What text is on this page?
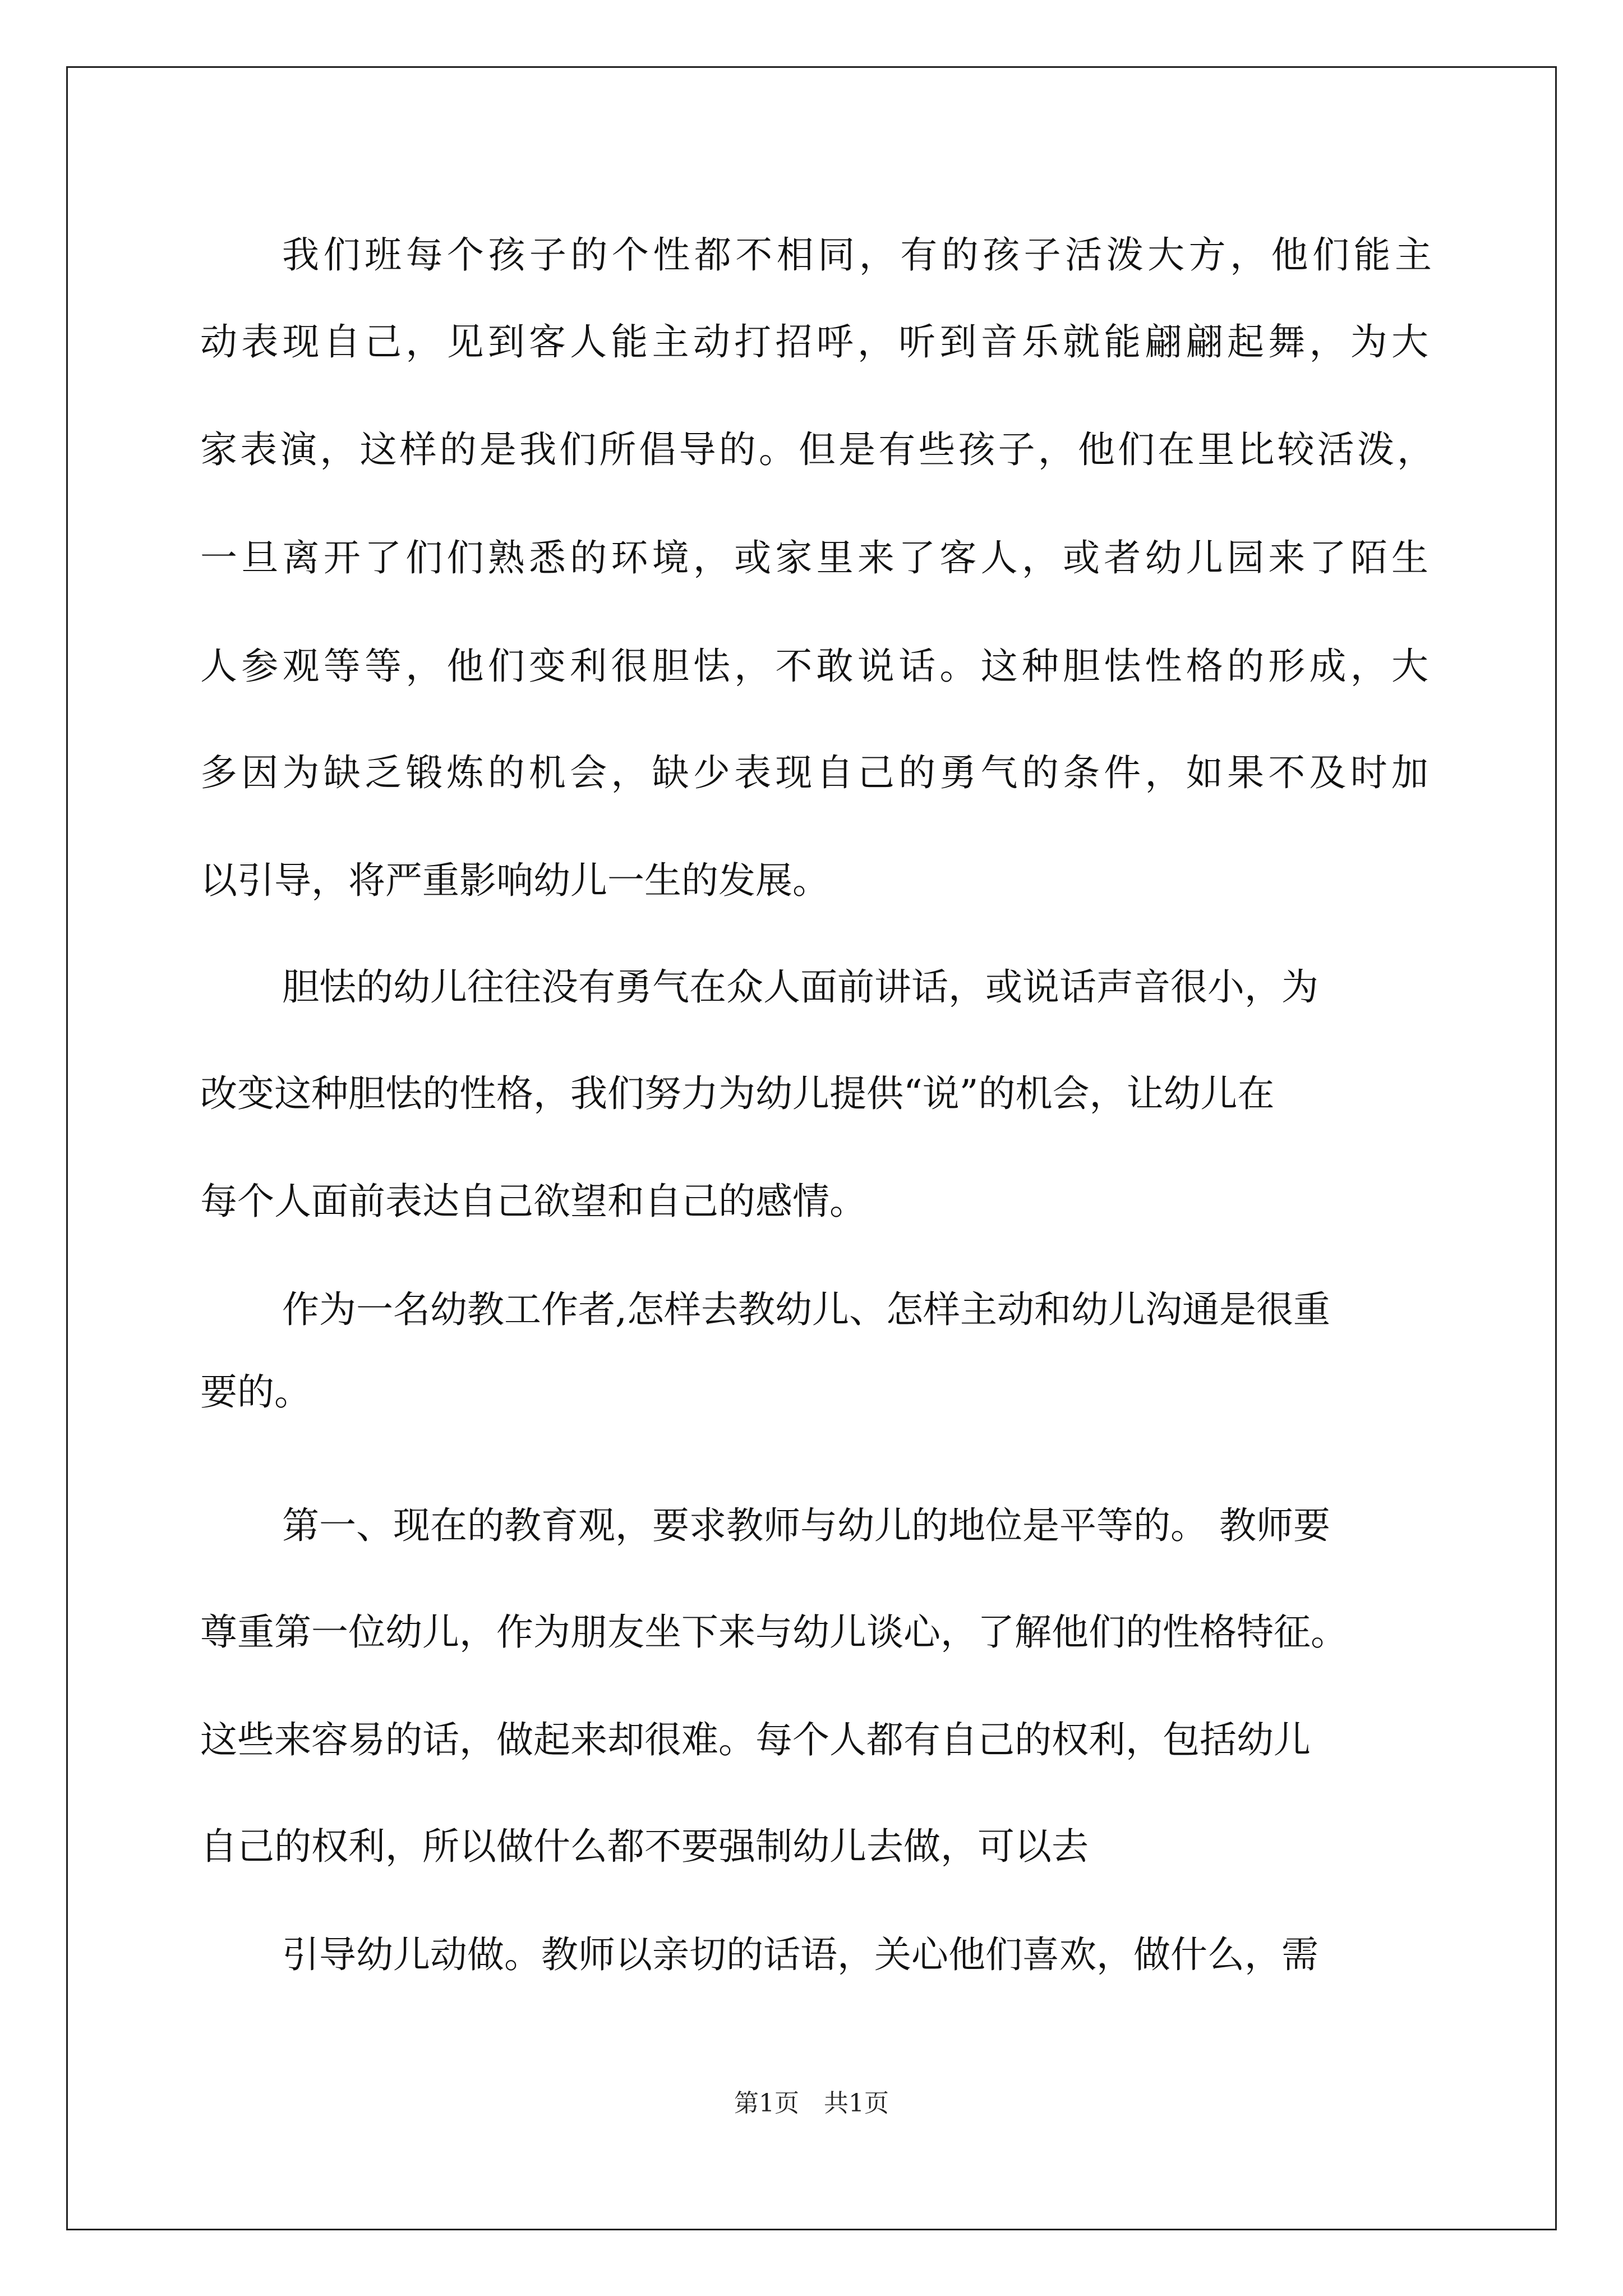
我们班每个孩子的个性都不相同，有的孩子活泼大方，他们能主
动表现自己，见到客人能主动打招呼，听到音乐就能翩翩起舞，为大
家表演，这样的是我们所倡导的。但是有些孩子，他们在里比较活泼，
一旦离开了们们熟悉的环境，或家里来了客人，或者幼儿园来了陌生
人参观等等，他们变利很胆怯，不敢说话。这种胆怯性格的形成，大
多因为缺乏锻炼的机会，缺少表现自己的勇气的条件，如果不及时加
以引导，将严重影响幼儿一生的发展。
胆怯的幼儿往往没有勇气在众人面前讲话，或说话声音很小，为
改变这种胆怯的性格，我们努力为幼儿提供“说”的机会，让幼儿在
每个人面前表达自己欲望和自己的感情。
作为一名幼教工作者,怎样去教幼儿、怎样主动和幼儿沟通是很重
要的。
第一、现在的教育观，要求教师与幼儿的地位是平等的。 教师要
尊重第一位幼儿，作为朋友坐下来与幼儿谈心，了解他们的性格特征。
这些来容易的话，做起来却很难。每个人都有自己的权利，包括幼儿
自己的权利，所以做什么都不要强制幼儿去做，可以去
引导幼儿动做。教师以亲切的话语，关心他们喜欢，做什么，需
第1页　共1页
